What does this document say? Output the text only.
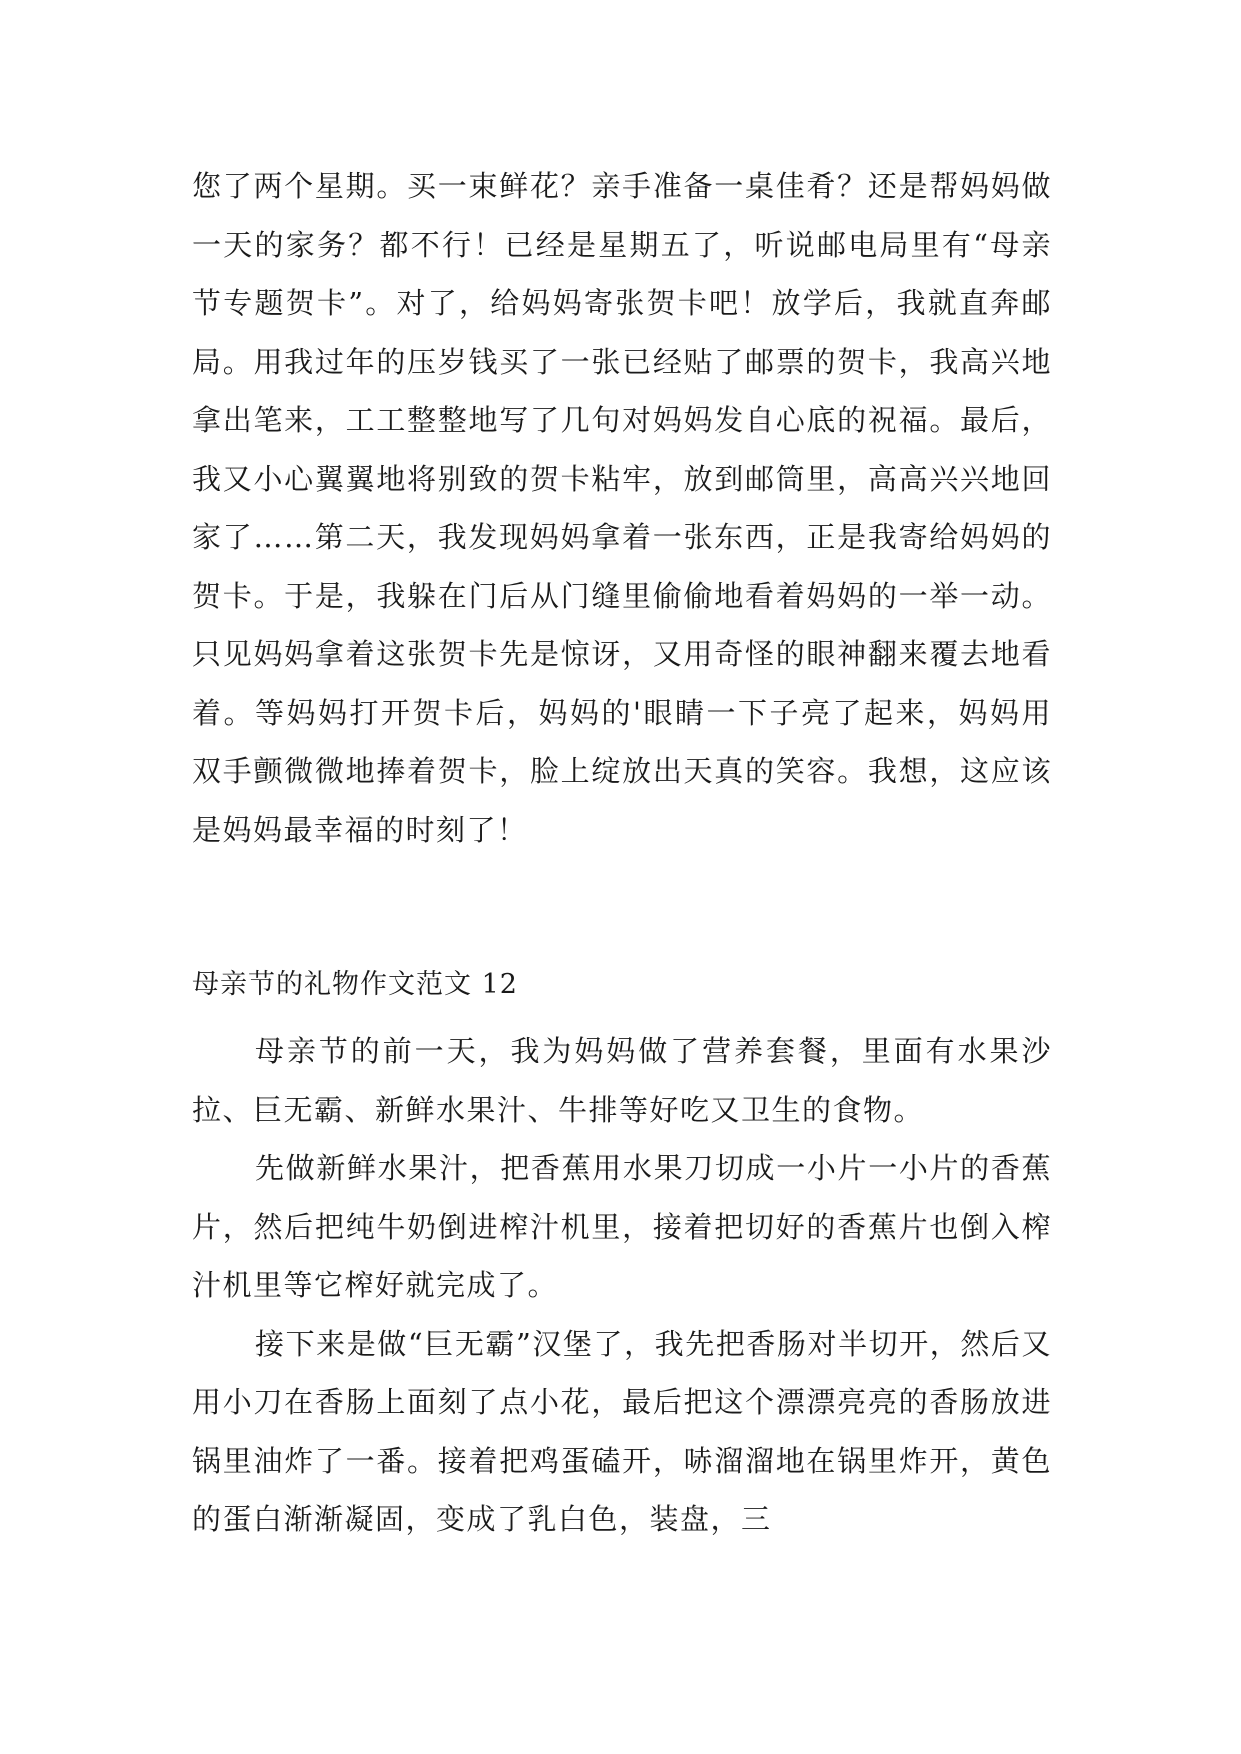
您了两个星期。买一束鲜花？亲手准备一桌佳肴？还是帮妈妈做一天的家务？都不行！已经是星期五了，听说邮电局里有“母亲节专题贺卡”。对了，给妈妈寄张贺卡吧！放学后，我就直奔邮局。用我过年的压岁钱买了一张已经贴了邮票的贺卡，我高兴地拿出笔来，工工整整地写了几句对妈妈发自心底的祝福。最后，我又小心翼翼地将别致的贺卡粘牢，放到邮筒里，高高兴兴地回家了……第二天，我发现妈妈拿着一张东西，正是我寄给妈妈的贺卡。于是，我躲在门后从门缝里偷偷地看着妈妈的一举一动。只见妈妈拿着这张贺卡先是惊讶，又用奇怪的眼神翻来覆去地看着。等妈妈打开贺卡后，妈妈的'眼睛一下子亮了起来，妈妈用双手颤微微地捧着贺卡，脸上绽放出天真的笑容。我想，这应该是妈妈最幸福的时刻了！

母亲节的礼物作文范文 12

母亲节的前一天，我为妈妈做了营养套餐，里面有水果沙拉、巨无霸、新鲜水果汁、牛排等好吃又卫生的食物。

先做新鲜水果汁，把香蕉用水果刀切成一小片一小片的香蕉片，然后把纯牛奶倒进榨汁机里，接着把切好的香蕉片也倒入榨汁机里等它榨好就完成了。

接下来是做“巨无霸”汉堡了，我先把香肠对半切开，然后又用小刀在香肠上面刻了点小花，最后把这个漂漂亮亮的香肠放进锅里油炸了一番。接着把鸡蛋磕开，哧溜溜地在锅里炸开，黄色的蛋白渐渐凝固，变成了乳白色，装盘，三
